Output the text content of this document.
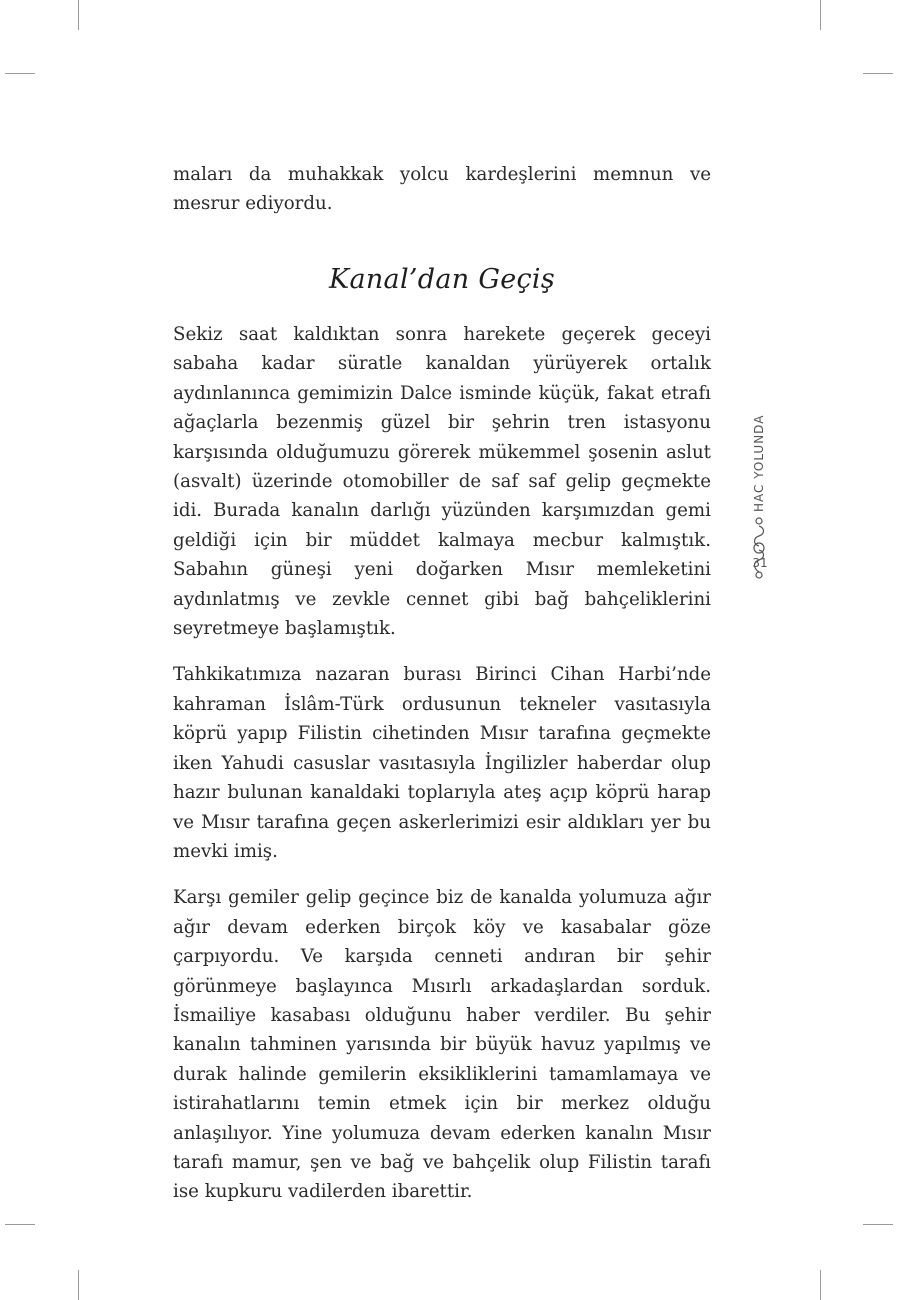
maları da muhakkak yolcu kardeşlerini memnun ve mesrur ediyordu.

Kanal’dan Geçiş

Sekiz saat kaldıktan sonra harekete geçerek geceyi sabaha kadar süratle kanaldan yürüyerek ortalık aydınlanınca gemimizin Dalce isminde küçük, fakat etrafı ağaçlarla bezenmiş güzel bir şehrin tren istasyonu karşısında olduğumuzu görerek mükemmel şosenin aslut (asvalt) üzerinde otomobiller de saf saf gelip geçmekte idi. Burada kanalın darlığı yüzünden karşımızdan gemi geldiği için bir müddet kalmaya mecbur kalmıştık. Sabahın güneşi yeni doğarken Mısır memleketini aydınlatmış ve zevkle cennet gibi bağ bahçeliklerini seyretmeye başlamıştık.

Tahkikatımıza nazaran burası Birinci Cihan Harbi’nde kahraman İslâm-Türk ordusunun tekneler vasıtasıyla köprü yapıp Filistin cihetinden Mısır tarafına geçmekte iken Yahudi casuslar vasıtasıyla İngilizler haberdar olup hazır bulunan kanaldaki toplarıyla ateş açıp köprü harap ve Mısır tarafına geçen askerlerimizi esir aldıkları yer bu mevki imiş.

Karşı gemiler gelip geçince biz de kanalda yolumuza ağır ağır devam ederken birçok köy ve kasabalar göze çarpıyordu. Ve karşıda cenneti andıran bir şehir görünmeye başlayınca Mısırlı arkadaşlardan sorduk. İsmailiye kasabası olduğunu haber verdiler. Bu şehir kanalın tahminen yarısında bir büyük havuz yapılmış ve durak halinde gemilerin eksikliklerini tamamlamaya ve istirahatlarını temin etmek için bir merkez olduğu anlaşılıyor. Yine yolumuza devam ederken kanalın Mısır tarafı mamur, şen ve bağ ve bahçelik olup Filistin tarafı ise kupkuru vadilerden ibarettir.

HAC YOLUNDA
31
